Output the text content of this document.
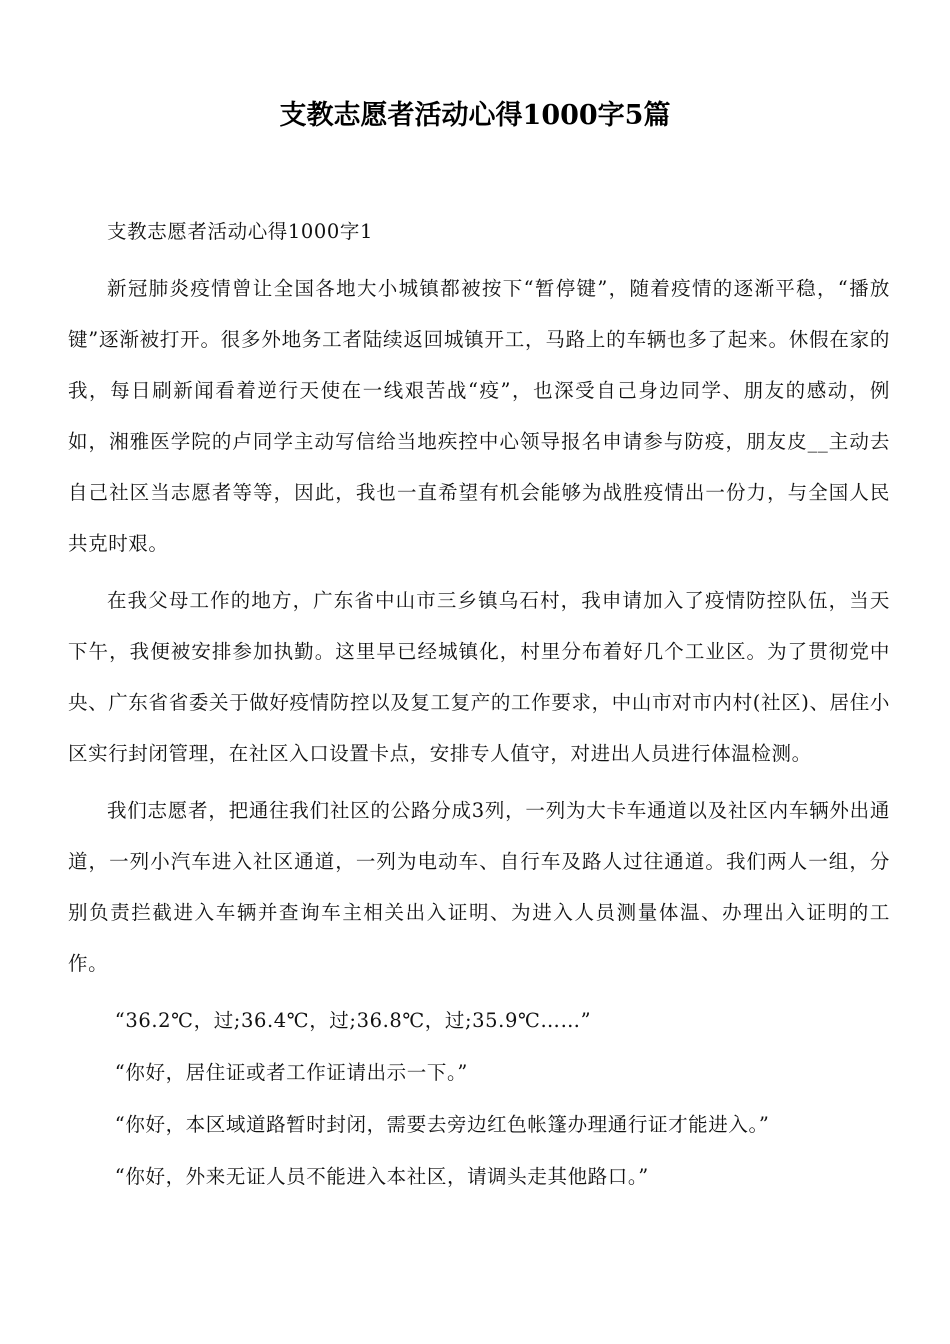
支教志愿者活动心得1000字5篇

支教志愿者活动心得1000字1

新冠肺炎疫情曾让全国各地大小城镇都被按下“暂停键”，随着疫情的逐渐平稳，“播放键”逐渐被打开。很多外地务工者陆续返回城镇开工，马路上的车辆也多了起来。休假在家的我，每日刷新闻看着逆行天使在一线艰苦战“疫”，也深受自己身边同学、朋友的感动，例如，湘雅医学院的卢同学主动写信给当地疾控中心领导报名申请参与防疫，朋友皮__主动去自己社区当志愿者等等，因此，我也一直希望有机会能够为战胜疫情出一份力，与全国人民共克时艰。

在我父母工作的地方，广东省中山市三乡镇乌石村，我申请加入了疫情防控队伍，当天下午，我便被安排参加执勤。这里早已经城镇化，村里分布着好几个工业区。为了贯彻党中央、广东省省委关于做好疫情防控以及复工复产的工作要求，中山市对市内村(社区)、居住小区实行封闭管理，在社区入口设置卡点，安排专人值守，对进出人员进行体温检测。

我们志愿者，把通往我们社区的公路分成3列，一列为大卡车通道以及社区内车辆外出通道，一列小汽车进入社区通道，一列为电动车、自行车及路人过往通道。我们两人一组，分别负责拦截进入车辆并查询车主相关出入证明、为进入人员测量体温、办理出入证明的工作。

“36.2℃，过;36.4℃，过;36.8℃，过;35.9℃……”

“你好，居住证或者工作证请出示一下。”

“你好，本区域道路暂时封闭，需要去旁边红色帐篷办理通行证才能进入。”

“你好，外来无证人员不能进入本社区，请调头走其他路口。”
